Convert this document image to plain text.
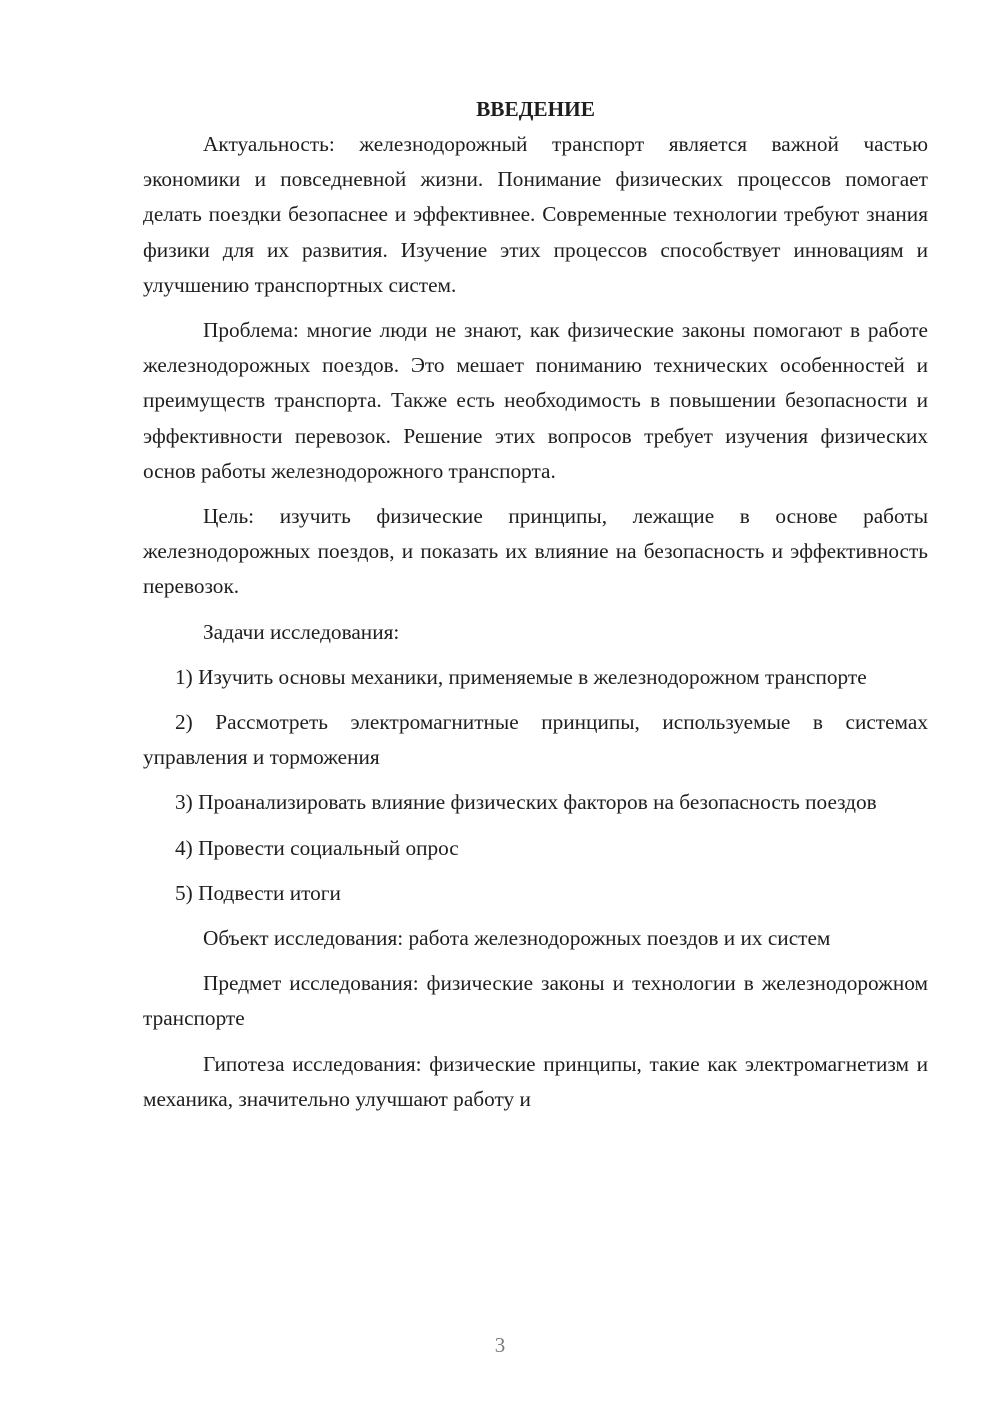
ВВЕДЕНИЕ

Актуальность: железнодорожный транспорт является важной частью экономики и повседневной жизни. Понимание физических процессов помогает делать поездки безопаснее и эффективнее. Современные технологии требуют знания физики для их развития. Изучение этих процессов способствует инновациям и улучшению транспортных систем.

Проблема: многие люди не знают, как физические законы помогают в работе железнодорожных поездов. Это мешает пониманию технических особенностей и преимуществ транспорта. Также есть необходимость в повышении безопасности и эффективности перевозок. Решение этих вопросов требует изучения физических основ работы железнодорожного транспорта.

Цель: изучить физические принципы, лежащие в основе работы железнодорожных поездов, и показать их влияние на безопасность и эффективность перевозок.

Задачи исследования:

1) Изучить основы механики, применяемые в железнодорожном транспорте

2) Рассмотреть электромагнитные принципы, используемые в системах управления и торможения

3) Проанализировать влияние физических факторов на безопасность поездов

4) Провести социальный опрос

5) Подвести итоги

Объект исследования: работа железнодорожных поездов и их систем

Предмет исследования: физические законы и технологии в железнодорожном транспорте

Гипотеза исследования: физические принципы, такие как электромагнетизм и механика, значительно улучшают работу и

3
